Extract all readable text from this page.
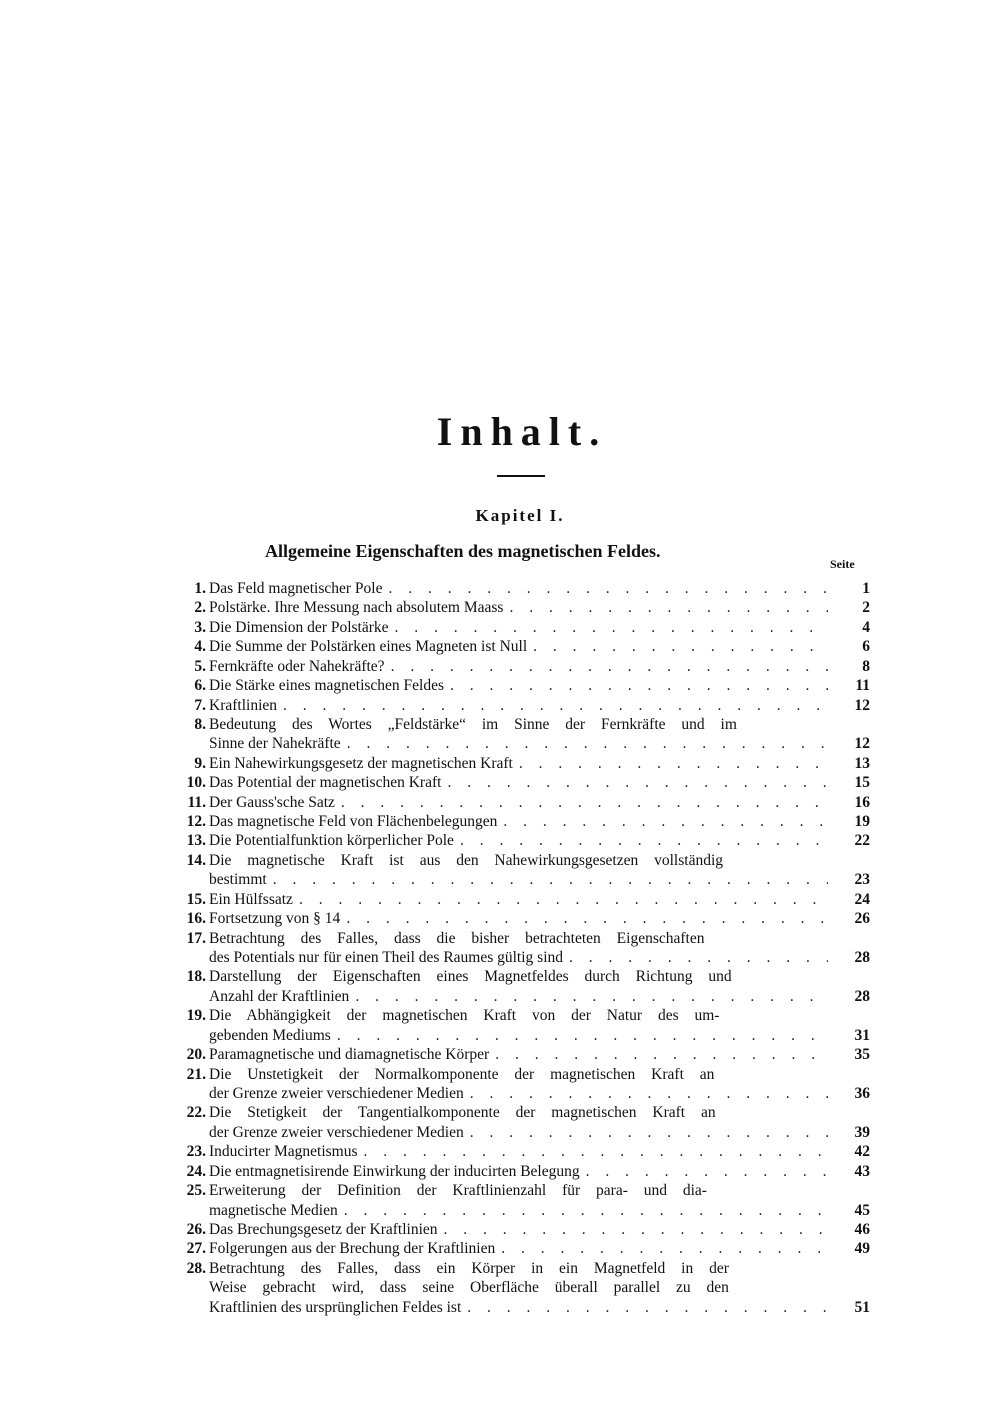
Inhalt.
Kapitel I.
Allgemeine Eigenschaften des magnetischen Feldes.
Seite
1. Das Feld magnetischer Pole . . .	1
2. Polstärke. Ihre Messung nach absolutem Maass . . .	2
3. Die Dimension der Polstärke . . .	4
4. Die Summe der Polstärken eines Magneten ist Null . . .	6
5. Fernkräfte oder Nahekräfte? . . .	8
6. Die Stärke eines magnetischen Feldes . . .	11
7. Kraftlinien . . .	12
8. Bedeutung des Wortes „Feldstärke“ im Sinne der Fernkräfte und im
Sinne der Nahekräfte . . .	12
9. Ein Nahewirkungsgesetz der magnetischen Kraft . . .	13
10. Das Potential der magnetischen Kraft . . .	15
11. Der Gauss'sche Satz . . .	16
12. Das magnetische Feld von Flächenbelegungen . . .	19
13. Die Potentialfunktion körperlicher Pole . . .	22
14. Die magnetische Kraft ist aus den Nahewirkungsgesetzen vollständig
bestimmt . . .	23
15. Ein Hülfssatz . . .	24
16. Fortsetzung von § 14 . . .	26
17. Betrachtung des Falles, dass die bisher betrachteten Eigenschaften
des Potentials nur für einen Theil des Raumes gültig sind . . .	28
18. Darstellung der Eigenschaften eines Magnetfeldes durch Richtung und
Anzahl der Kraftlinien . . .	28
19. Die Abhängigkeit der magnetischen Kraft von der Natur des um-
gebenden Mediums . . .	31
20. Paramagnetische und diamagnetische Körper . . .	35
21. Die Unstetigkeit der Normalkomponente der magnetischen Kraft an
der Grenze zweier verschiedener Medien . . .	36
22. Die Stetigkeit der Tangentialkomponente der magnetischen Kraft an
der Grenze zweier verschiedener Medien . . .	39
23. Inducirter Magnetismus . . .	42
24. Die entmagnetisirende Einwirkung der inducirten Belegung . . .	43
25. Erweiterung der Definition der Kraftlinienzahl für para- und dia-
magnetische Medien . . .	45
26. Das Brechungsgesetz der Kraftlinien . . .	46
27. Folgerungen aus der Brechung der Kraftlinien . . .	49
28. Betrachtung des Falles, dass ein Körper in ein Magnetfeld in der
Weise gebracht wird, dass seine Oberfläche überall parallel zu den
Kraftlinien des ursprünglichen Feldes ist . . .	51
